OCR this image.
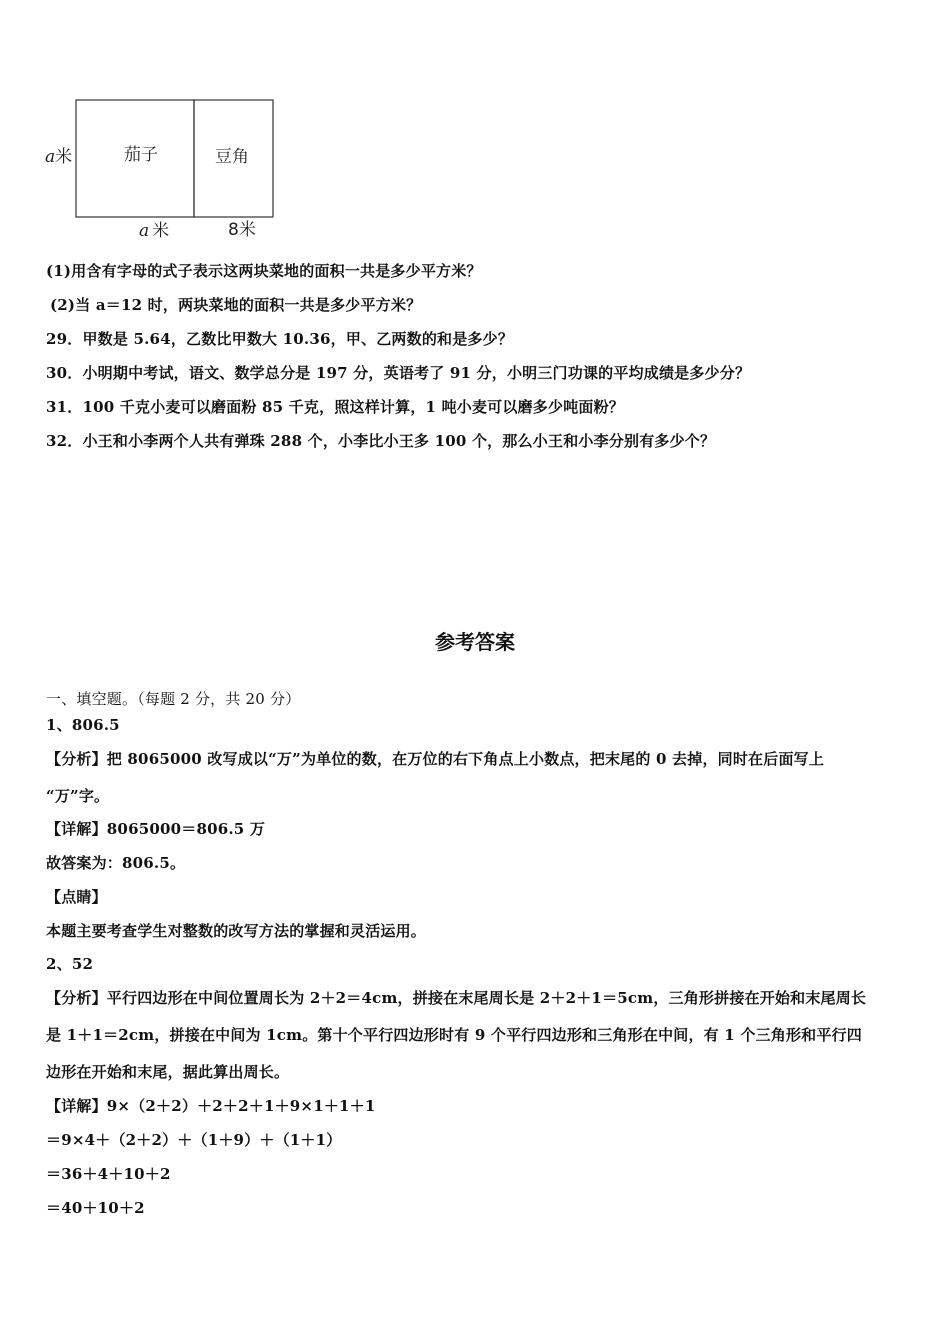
茄子	豆角
a米
a 米	8米
(1)用含有字母的式子表示这两块菜地的面积一共是多少平方米？
(2)当 a＝12 时，两块菜地的面积一共是多少平方米？
29．甲数是 5.64，乙数比甲数大 10.36，甲、乙两数的和是多少？
30．小明期中考试，语文、数学总分是 197 分，英语考了 91 分，小明三门功课的平均成绩是多少分？
31．100 千克小麦可以磨面粉 85 千克，照这样计算，1 吨小麦可以磨多少吨面粉？
32．小王和小李两个人共有弹珠 288 个，小李比小王多 100 个，那么小王和小李分别有多少个？
参考答案
一、填空题。（每题 2 分，共 20 分）
1、806.5
【分析】把 8065000 改写成以“万”为单位的数，在万位的右下角点上小数点，把末尾的 0 去掉，同时在后面写上
“万”字。
【详解】8065000＝806.5 万
故答案为：806.5。
【点睛】
本题主要考查学生对整数的改写方法的掌握和灵活运用。
2、52
【分析】平行四边形在中间位置周长为 2＋2＝4cm，拼接在末尾周长是 2＋2＋1＝5cm，三角形拼接在开始和末尾周长
是 1＋1＝2cm，拼接在中间为 1cm。第十个平行四边形时有 9 个平行四边形和三角形在中间，有 1 个三角形和平行四
边形在开始和末尾，据此算出周长。
【详解】9×（2＋2）＋2＋2＋1＋9×1＋1＋1
＝9×4＋（2＋2）＋（1＋9）＋（1＋1）
＝36＋4＋10＋2
＝40＋10＋2
